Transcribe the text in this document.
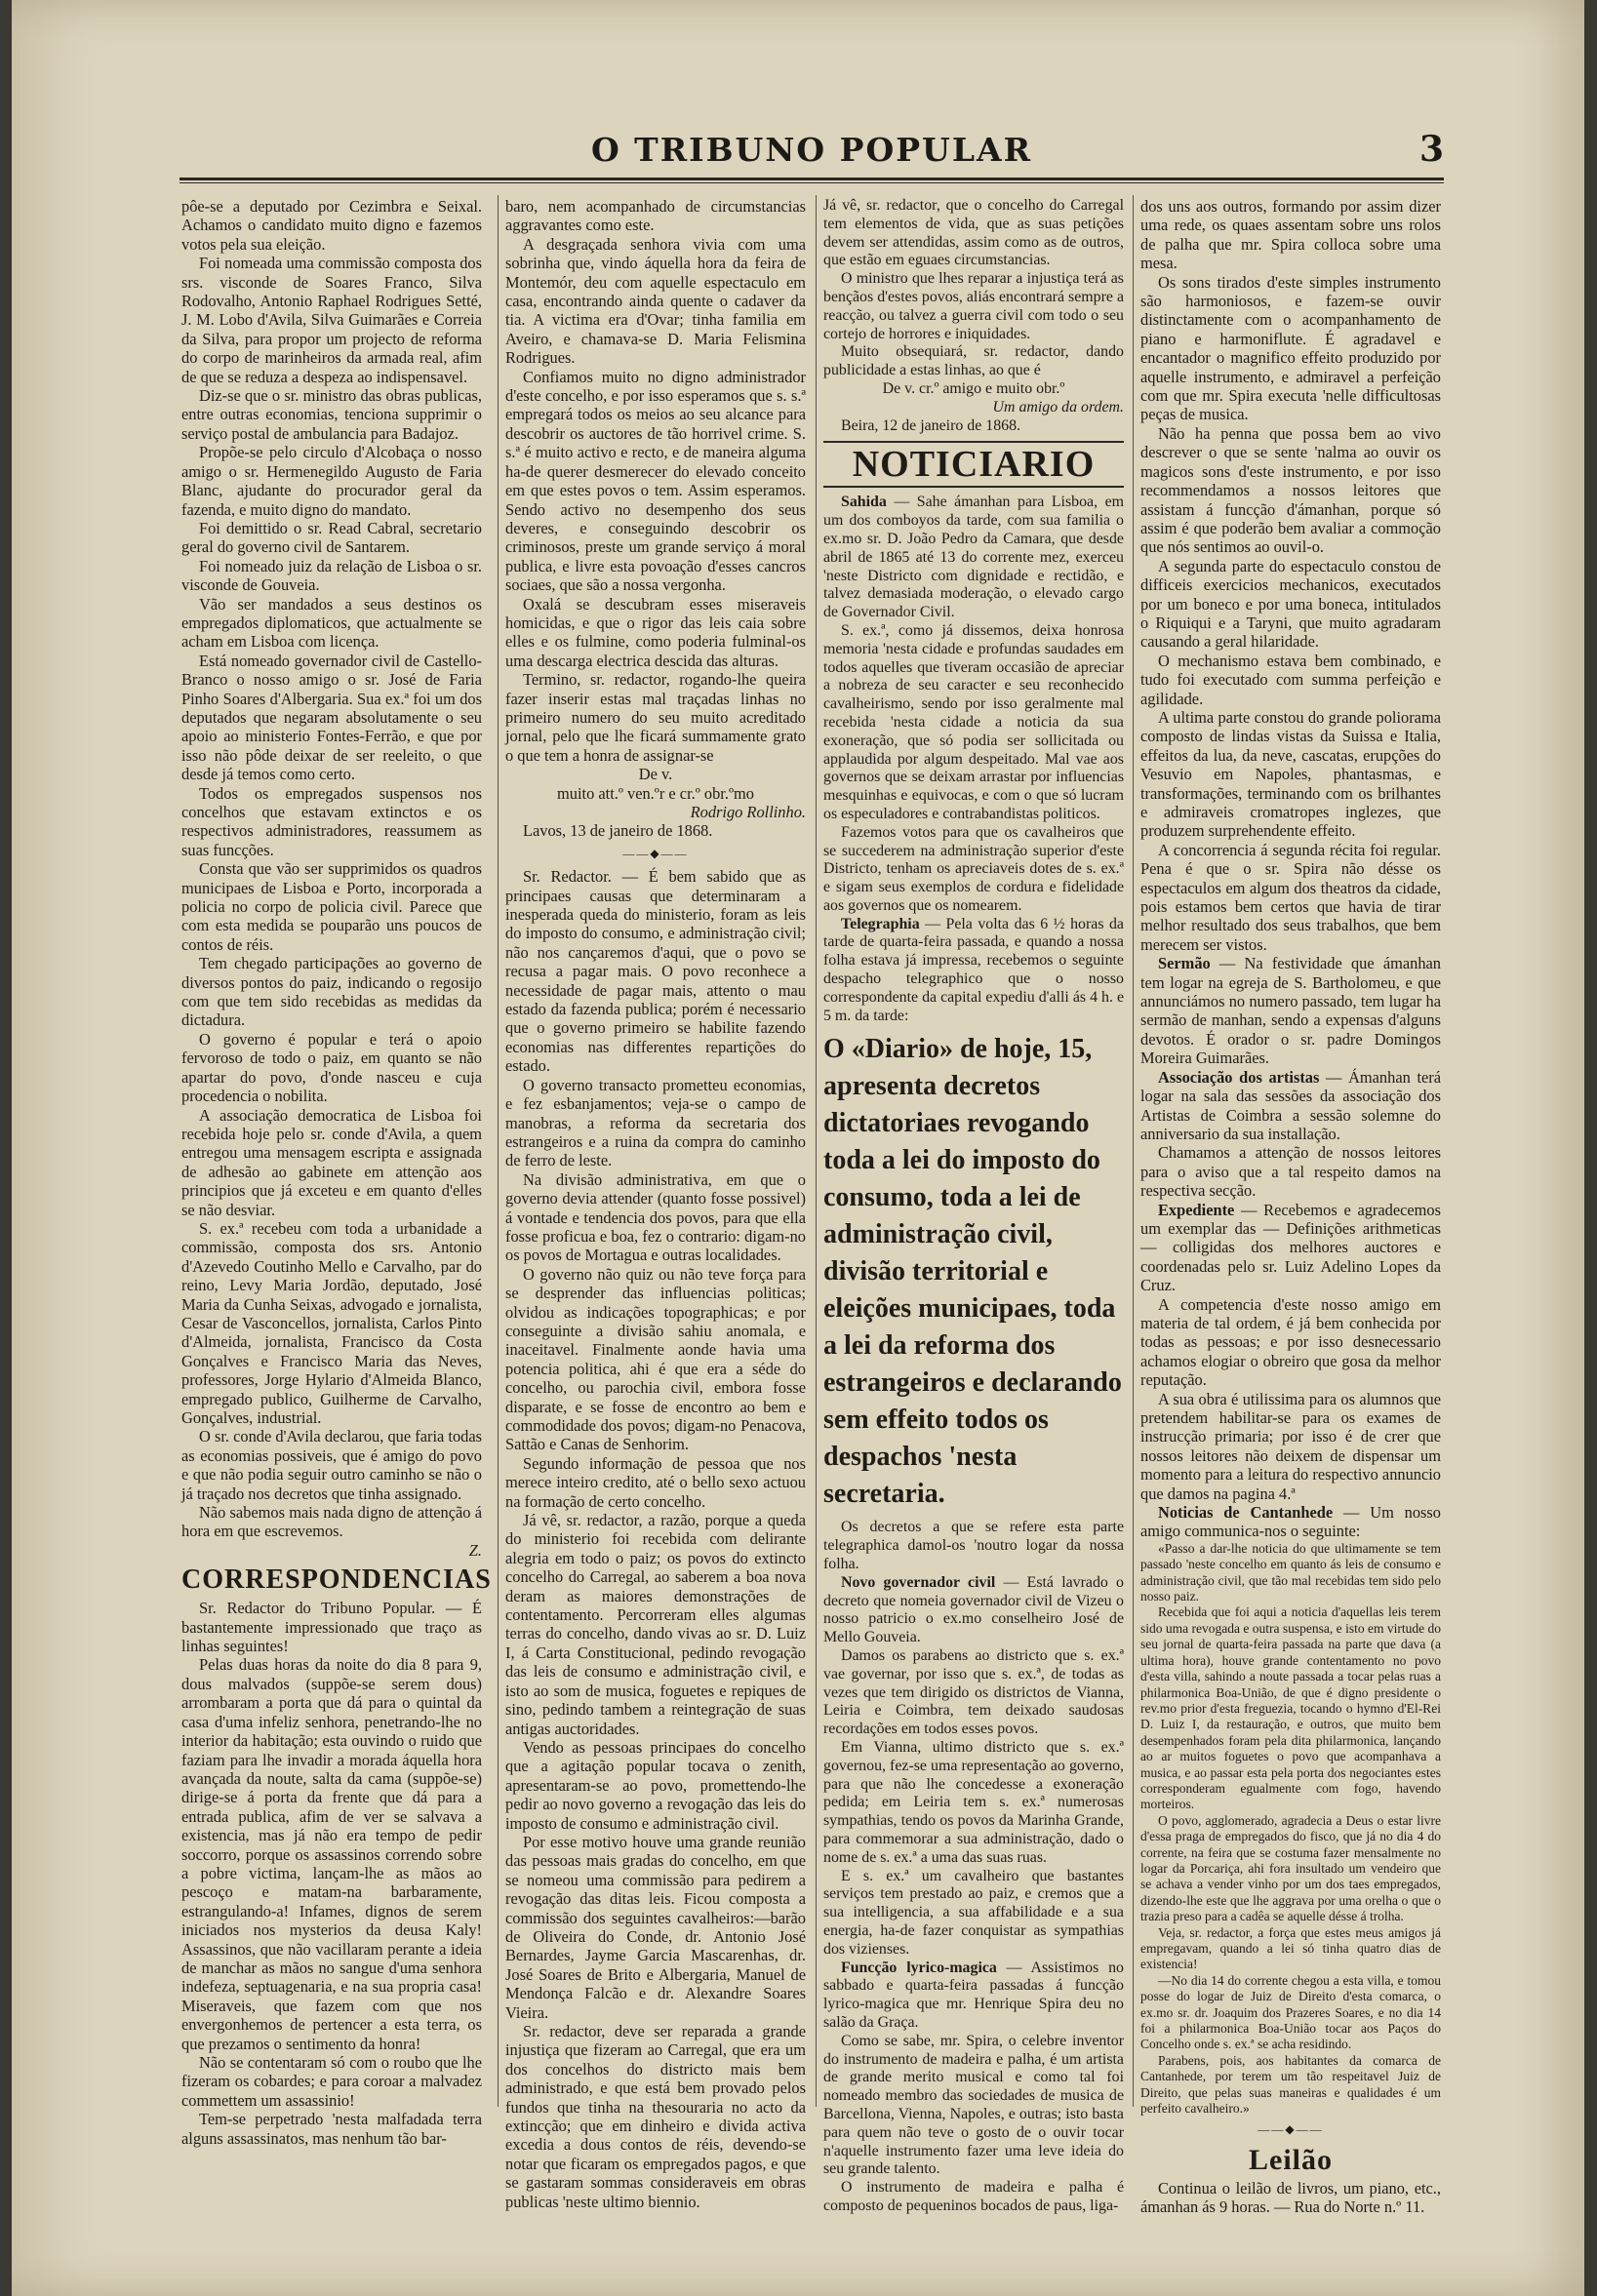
O TRIBUNO POPULAR	3

pôe-se a deputado por Cezimbra e Seixal. Achamos o candidato muito digno e fazemos votos pela sua eleição.

Foi nomeada uma commissão composta dos srs. visconde de Soares Franco, Silva Rodovalho, Antonio Raphael Rodrigues Setté, J. M. Lobo d'Avila, Silva Guimarães e Correia da Silva, para propor um projecto de reforma do corpo de marinheiros da armada real, afim de que se reduza a despeza ao indispensavel.

Diz-se que o sr. ministro das obras publicas, entre outras economias, tenciona supprimir o serviço postal de ambulancia para Badajoz.

Propõe-se pelo circulo d'Alcobaça o nosso amigo o sr. Hermenegildo Augusto de Faria Blanc, ajudante do procurador geral da fazenda, e muito digno do mandato.

Foi demittido o sr. Read Cabral, secretario geral do governo civil de Santarem.

Foi nomeado juiz da relação de Lisboa o sr. visconde de Gouveia.

Vão ser mandados a seus destinos os empregados diplomaticos, que actualmente se acham em Lisboa com licença.

Está nomeado governador civil de Castello-Branco o nosso amigo o sr. José de Faria Pinho Soares d'Albergaria. Sua ex.ª foi um dos deputados que negaram absolutamente o seu apoio ao ministerio Fontes-Ferrão, e que por isso não pôde deixar de ser reeleito, o que desde já temos como certo.

Todos os empregados suspensos nos concelhos que estavam extinctos e os respectivos administradores, reassumem as suas funcções.

Consta que vão ser supprimidos os quadros municipaes de Lisboa e Porto, incorporada a policia no corpo de policia civil. Parece que com esta medida se pouparão uns poucos de contos de réis.

Tem chegado participações ao governo de diversos pontos do paiz, indicando o regosijo com que tem sido recebidas as medidas da dictadura.

O governo é popular e terá o apoio fervoroso de todo o paiz, em quanto se não apartar do povo, d'onde nasceu e cuja procedencia o nobilita.

A associação democratica de Lisboa foi recebida hoje pelo sr. conde d'Avila, a quem entregou uma mensagem escripta e assignada de adhesão ao gabinete em attenção aos principios que já exceteu e em quanto d'elles se não desviar.

S. ex.ª recebeu com toda a urbanidade a commissão, composta dos srs. Antonio d'Azevedo Coutinho Mello e Carvalho, par do reino, Levy Maria Jordão, deputado, José Maria da Cunha Seixas, advogado e jornalista, Cesar de Vasconcellos, jornalista, Carlos Pinto d'Almeida, jornalista, Francisco da Costa Gonçalves e Francisco Maria das Neves, professores, Jorge Hylario d'Almeida Blanco, empregado publico, Guilherme de Carvalho, Gonçalves, industrial.

O sr. conde d'Avila declarou, que faria todas as economias possiveis, que é amigo do povo e que não podia seguir outro caminho se não o já traçado nos decretos que tinha assignado.

Não sabemos mais nada digno de attenção á hora em que escrevemos.

Z.

CORRESPONDENCIAS

Sr. Redactor do Tribuno Popular. — É bastantemente impressionado que traço as linhas seguintes!

Pelas duas horas da noite do dia 8 para 9, dous malvados (suppõe-se serem dous) arrombaram a porta que dá para o quintal da casa d'uma infeliz senhora, penetrando-lhe no interior da habitação; esta ouvindo o ruido que faziam para lhe invadir a morada áquella hora avançada da noute, salta da cama (suppõe-se) dirige-se á porta da frente que dá para a entrada publica, afim de ver se salvava a existencia, mas já não era tempo de pedir soccorro, porque os assassinos correndo sobre a pobre victima, lançam-lhe as mãos ao pescoço e matam-na barbaramente, estrangulando-a! Infames, dignos de serem iniciados nos mysterios da deusa Kaly! Assassinos, que não vacillaram perante a ideia de manchar as mãos no sangue d'uma senhora indefeza, septuagenaria, e na sua propria casa! Miseraveis, que fazem com que nos envergonhemos de pertencer a esta terra, os que prezamos o sentimento da honra!

Não se contentaram só com o roubo que lhe fizeram os cobardes; e para coroar a malvadez commettem um assassinio!

Tem-se perpetrado 'nesta malfadada terra alguns assassinatos, mas nenhum tão bar-

baro, nem acompanhado de circumstancias aggravantes como este.

A desgraçada senhora vivia com uma sobrinha que, vindo áquella hora da feira de Montemór, deu com aquelle espectaculo em casa, encontrando ainda quente o cadaver da tia. A victima era d'Ovar; tinha familia em Aveiro, e chamava-se D. Maria Felismina Rodrigues.

Confiamos muito no digno administrador d'este concelho, e por isso esperamos que s. s.ª empregará todos os meios ao seu alcance para descobrir os auctores de tão horrivel crime. S. s.ª é muito activo e recto, e de maneira alguma ha-de querer desmerecer do elevado conceito em que estes povos o tem. Assim esperamos. Sendo activo no desempenho dos seus deveres, e conseguindo descobrir os criminosos, preste um grande serviço á moral publica, e livre esta povoação d'esses cancros sociaes, que são a nossa vergonha.

Oxalá se descubram esses miseraveis homicidas, e que o rigor das leis caia sobre elles e os fulmine, como poderia fulminal-os uma descarga electrica descida das alturas.

Termino, sr. redactor, rogando-lhe queira fazer inserir estas mal traçadas linhas no primeiro numero do seu muito acreditado jornal, pelo que lhe ficará summamente grato o que tem a honra de assignar-se

De v.

muito att.º ven.ºr e cr.º obr.ºmo

Rodrigo Rollinho.

Lavos, 13 de janeiro de 1868.

——◆——

Sr. Redactor. — É bem sabido que as principaes causas que determinaram a inesperada queda do ministerio, foram as leis do imposto do consumo, e administração civil; não nos cançaremos d'aqui, que o povo se recusa a pagar mais. O povo reconhece a necessidade de pagar mais, attento o mau estado da fazenda publica; porém é necessario que o governo primeiro se habilite fazendo economias nas differentes repartições do estado.

O governo transacto prometteu economias, e fez esbanjamentos; veja-se o campo de manobras, a reforma da secretaria dos estrangeiros e a ruina da compra do caminho de ferro de leste.

Na divisão administrativa, em que o governo devia attender (quanto fosse possivel) á vontade e tendencia dos povos, para que ella fosse proficua e boa, fez o contrario: digam-no os povos de Mortagua e outras localidades.

O governo não quiz ou não teve força para se desprender das influencias politicas; olvidou as indicações topographicas; e por conseguinte a divisão sahiu anomala, e inaceitavel. Finalmente aonde havia uma potencia politica, ahi é que era a séde do concelho, ou parochia civil, embora fosse disparate, e se fosse de encontro ao bem e commodidade dos povos; digam-no Penacova, Sattão e Canas de Senhorim.

Segundo informação de pessoa que nos merece inteiro credito, até o bello sexo actuou na formação de certo concelho.

Já vê, sr. redactor, a razão, porque a queda do ministerio foi recebida com delirante alegria em todo o paiz; os povos do extincto concelho do Carregal, ao saberem a boa nova deram as maiores demonstrações de contentamento. Percorreram elles algumas terras do concelho, dando vivas ao sr. D. Luiz I, á Carta Constitucional, pedindo revogação das leis de consumo e administração civil, e isto ao som de musica, foguetes e repiques de sino, pedindo tambem a reintegração de suas antigas auctoridades.

Vendo as pessoas principaes do concelho que a agitação popular tocava o zenith, apresentaram-se ao povo, promettendo-lhe pedir ao novo governo a revogação das leis do imposto de consumo e administração civil.

Por esse motivo houve uma grande reunião das pessoas mais gradas do concelho, em que se nomeou uma commissão para pedirem a revogação das ditas leis. Ficou composta a commissão dos seguintes cavalheiros:—barão de Oliveira do Conde, dr. Antonio José Bernardes, Jayme Garcia Mascarenhas, dr. José Soares de Brito e Albergaria, Manuel de Mendonça Falcão e dr. Alexandre Soares Vieira.

Sr. redactor, deve ser reparada a grande injustiça que fizeram ao Carregal, que era um dos concelhos do districto mais bem administrado, e que está bem provado pelos fundos que tinha na thesouraria no acto da extincção; que em dinheiro e divida activa excedia a dous contos de réis, devendo-se notar que ficaram os empregados pagos, e que se gastaram sommas consideraveis em obras publicas 'neste ultimo biennio.

Já vê, sr. redactor, que o concelho do Carregal tem elementos de vida, que as suas petições devem ser attendidas, assim como as de outros, que estão em eguaes circumstancias.

O ministro que lhes reparar a injustiça terá as bençãos d'estes povos, aliás encontrará sempre a reacção, ou talvez a guerra civil com todo o seu cortejo de horrores e iniquidades.

Muito obsequiará, sr. redactor, dando publicidade a estas linhas, ao que é

De v. cr.º amigo e muito obr.º

Um amigo da ordem.

Beira, 12 de janeiro de 1868.

NOTICIARIO

Sahida — Sahe ámanhan para Lisboa, em um dos comboyos da tarde, com sua familia o ex.mo sr. D. João Pedro da Camara, que desde abril de 1865 até 13 do corrente mez, exerceu 'neste Districto com dignidade e rectidão, e talvez demasiada moderação, o elevado cargo de Governador Civil.

S. ex.ª, como já dissemos, deixa honrosa memoria 'nesta cidade e profundas saudades em todos aquelles que tiveram occasião de apreciar a nobreza de seu caracter e seu reconhecido cavalheirismo, sendo por isso geralmente mal recebida 'nesta cidade a noticia da sua exoneração, que só podia ser sollicitada ou applaudida por algum despeitado. Mal vae aos governos que se deixam arrastar por influencias mesquinhas e equivocas, e com o que só lucram os especuladores e contrabandistas politicos.

Fazemos votos para que os cavalheiros que se succederem na administração superior d'este Districto, tenham os apreciaveis dotes de s. ex.ª e sigam seus exemplos de cordura e fidelidade aos governos que os nomearem.

Telegraphia — Pela volta das 6 ½ horas da tarde de quarta-feira passada, e quando a nossa folha estava já impressa, recebemos o seguinte despacho telegraphico que o nosso correspondente da capital expediu d'alli ás 4 h. e 5 m. da tarde:

O «Diario» de hoje, 15, apresenta decretos dictatoriaes revogando toda a lei do imposto do consumo, toda a lei de administração civil, divisão territorial e eleições municipaes, toda a lei da reforma dos estrangeiros e declarando sem effeito todos os despachos 'nesta secretaria.

Os decretos a que se refere esta parte telegraphica damol-os 'noutro logar da nossa folha.

Novo governador civil — Está lavrado o decreto que nomeia governador civil de Vizeu o nosso patricio o ex.mo conselheiro José de Mello Gouveia.

Damos os parabens ao districto que s. ex.ª vae governar, por isso que s. ex.ª, de todas as vezes que tem dirigido os districtos de Vianna, Leiria e Coimbra, tem deixado saudosas recordações em todos esses povos.

Em Vianna, ultimo districto que s. ex.ª governou, fez-se uma representação ao governo, para que não lhe concedesse a exoneração pedida; em Leiria tem s. ex.ª numerosas sympathias, tendo os povos da Marinha Grande, para commemorar a sua administração, dado o nome de s. ex.ª a uma das suas ruas.

E s. ex.ª um cavalheiro que bastantes serviços tem prestado ao paiz, e cremos que a sua intelligencia, a sua affabilidade e a sua energia, ha-de fazer conquistar as sympathias dos vizienses.

Funcção lyrico-magica — Assistimos no sabbado e quarta-feira passadas á funcção lyrico-magica que mr. Henrique Spira deu no salão da Graça.

Como se sabe, mr. Spira, o celebre inventor do instrumento de madeira e palha, é um artista de grande merito musical e como tal foi nomeado membro das sociedades de musica de Barcellona, Vienna, Napoles, e outras; isto basta para quem não teve o gosto de o ouvir tocar n'aquelle instrumento fazer uma leve ideia do seu grande talento.

O instrumento de madeira e palha é composto de pequeninos bocados de paus, liga-

dos uns aos outros, formando por assim dizer uma rede, os quaes assentam sobre uns rolos de palha que mr. Spira colloca sobre uma mesa.

Os sons tirados d'este simples instrumento são harmoniosos, e fazem-se ouvir distinctamente com o acompanhamento de piano e harmoniflute. É agradavel e encantador o magnifico effeito produzido por aquelle instrumento, e admiravel a perfeição com que mr. Spira executa 'nelle difficultosas peças de musica.

Não ha penna que possa bem ao vivo descrever o que se sente 'nalma ao ouvir os magicos sons d'este instrumento, e por isso recommendamos a nossos leitores que assistam á funcção d'ámanhan, porque só assim é que poderão bem avaliar a commoção que nós sentimos ao ouvil-o.

A segunda parte do espectaculo constou de difficeis exercicios mechanicos, executados por um boneco e por uma boneca, intitulados o Riquiqui e a Taryni, que muito agradaram causando a geral hilaridade.

O mechanismo estava bem combinado, e tudo foi executado com summa perfeição e agilidade.

A ultima parte constou do grande poliorama composto de lindas vistas da Suissa e Italia, effeitos da lua, da neve, cascatas, erupções do Vesuvio em Napoles, phantasmas, e transformações, terminando com os brilhantes e admiraveis cromatropes inglezes, que produzem surprehendente effeito.

A concorrencia á segunda récita foi regular. Pena é que o sr. Spira não désse os espectaculos em algum dos theatros da cidade, pois estamos bem certos que havia de tirar melhor resultado dos seus trabalhos, que bem merecem ser vistos.

Sermão — Na festividade que ámanhan tem logar na egreja de S. Bartholomeu, e que annunciámos no numero passado, tem lugar ha sermão de manhan, sendo a expensas d'alguns devotos. É orador o sr. padre Domingos Moreira Guimarães.

Associação dos artistas — Ámanhan terá logar na sala das sessões da associação dos Artistas de Coimbra a sessão solemne do anniversario da sua installação.

Chamamos a attenção de nossos leitores para o aviso que a tal respeito damos na respectiva secção.

Expediente — Recebemos e agradecemos um exemplar das — Definições arithmeticas — colligidas dos melhores auctores e coordenadas pelo sr. Luiz Adelino Lopes da Cruz.

A competencia d'este nosso amigo em materia de tal ordem, é já bem conhecida por todas as pessoas; e por isso desnecessario achamos elogiar o obreiro que gosa da melhor reputação.

A sua obra é utilissima para os alumnos que pretendem habilitar-se para os exames de instrucção primaria; por isso é de crer que nossos leitores não deixem de dispensar um momento para a leitura do respectivo annuncio que damos na pagina 4.ª

Noticias de Cantanhede — Um nosso amigo communica-nos o seguinte:

«Passo a dar-lhe noticia do que ultimamente se tem passado 'neste concelho em quanto ás leis de consumo e administração civil, que tão mal recebidas tem sido pelo nosso paiz.

Recebida que foi aqui a noticia d'aquellas leis terem sido uma revogada e outra suspensa, e isto em virtude do seu jornal de quarta-feira passada na parte que dava (a ultima hora), houve grande contentamento no povo d'esta villa, sahindo a noute passada a tocar pelas ruas a philarmonica Boa-União, de que é digno presidente o rev.mo prior d'esta freguezia, tocando o hymno d'El-Rei D. Luiz I, da restauração, e outros, que muito bem desempenhados foram pela dita philarmonica, lançando ao ar muitos foguetes o povo que acompanhava a musica, e ao passar esta pela porta dos negociantes estes corresponderam egualmente com fogo, havendo morteiros.

O povo, agglomerado, agradecia a Deus o estar livre d'essa praga de empregados do fisco, que já no dia 4 do corrente, na feira que se costuma fazer mensalmente no logar da Porcariça, ahi fora insultado um vendeiro que se achava a vender vinho por um dos taes empregados, dizendo-lhe este que lhe aggrava por uma orelha o que o trazia preso para a cadêa se aquelle désse á trolha.

Veja, sr. redactor, a força que estes meus amigos já empregavam, quando a lei só tinha quatro dias de existencia!

—No dia 14 do corrente chegou a esta villa, e tomou posse do logar de Juiz de Direito d'esta comarca, o ex.mo sr. dr. Joaquim dos Prazeres Soares, e no dia 14 foi a philarmonica Boa-União tocar aos Paços do Concelho onde s. ex.ª se acha residindo.

Parabens, pois, aos habitantes da comarca de Cantanhede, por terem um tão respeitavel Juiz de Direito, que pelas suas maneiras e qualidades é um perfeito cavalheiro.»

——◆——
Leilão

Continua o leilão de livros, um piano, etc., ámanhan ás 9 horas. — Rua do Norte n.º 11.
